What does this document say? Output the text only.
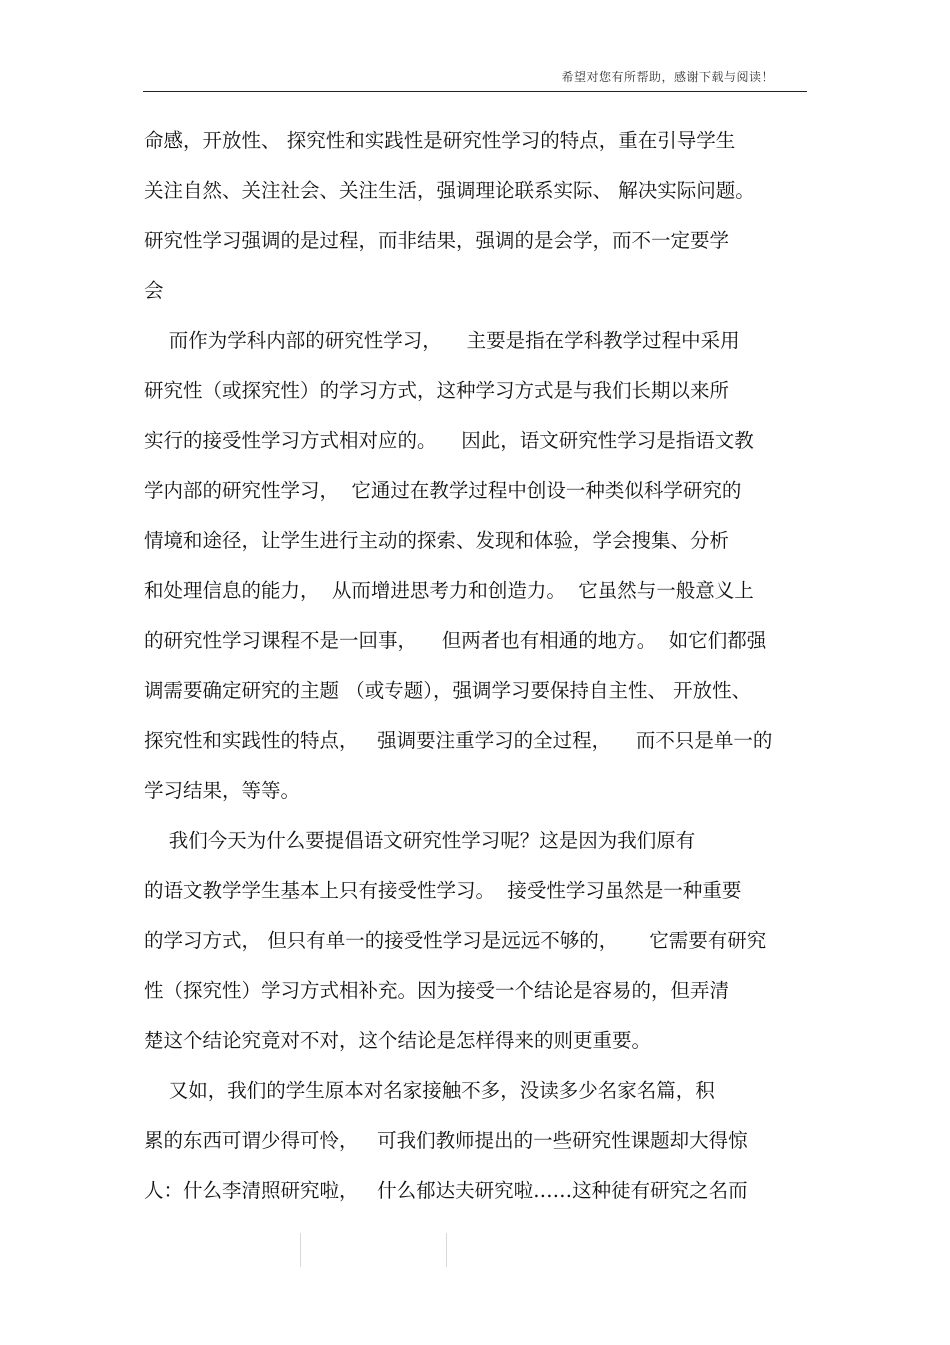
希望对您有所帮助，感谢下载与阅读！
命感，开放性、 探究性和实践性是研究性学习的特点，重在引导学生
关注自然、关注社会、关注生活，强调理论联系实际、 解决实际问题。
研究性学习强调的是过程，而非结果，强调的是会学，而不一定要学
会
而作为学科内部的研究性学习，    主要是指在学科教学过程中采用
研究性（或探究性）的学习方式，这种学习方式是与我们长期以来所
实行的接受性学习方式相对应的。    因此，语文研究性学习是指语文教
学内部的研究性学习，  它通过在教学过程中创设一种类似科学研究的
情境和途径，让学生进行主动的探索、发现和体验，学会搜集、分析
和处理信息的能力，  从而增进思考力和创造力。  它虽然与一般意义上
的研究性学习课程不是一回事，    但两者也有相通的地方。  如它们都强
调需要确定研究的主题 （或专题），强调学习要保持自主性、 开放性、
探究性和实践性的特点，   强调要注重学习的全过程，    而不只是单一的
学习结果，等等。
我们今天为什么要提倡语文研究性学习呢？这是因为我们原有
的语文教学学生基本上只有接受性学习。  接受性学习虽然是一种重要
的学习方式， 但只有单一的接受性学习是远远不够的，     它需要有研究
性（探究性）学习方式相补充。因为接受一个结论是容易的，但弄清
楚这个结论究竟对不对，这个结论是怎样得来的则更重要。
又如，我们的学生原本对名家接触不多，没读多少名家名篇，积
累的东西可谓少得可怜，   可我们教师提出的一些研究性课题却大得惊
人：什么李清照研究啦，   什么郁达夫研究啦……这种徒有研究之名而
